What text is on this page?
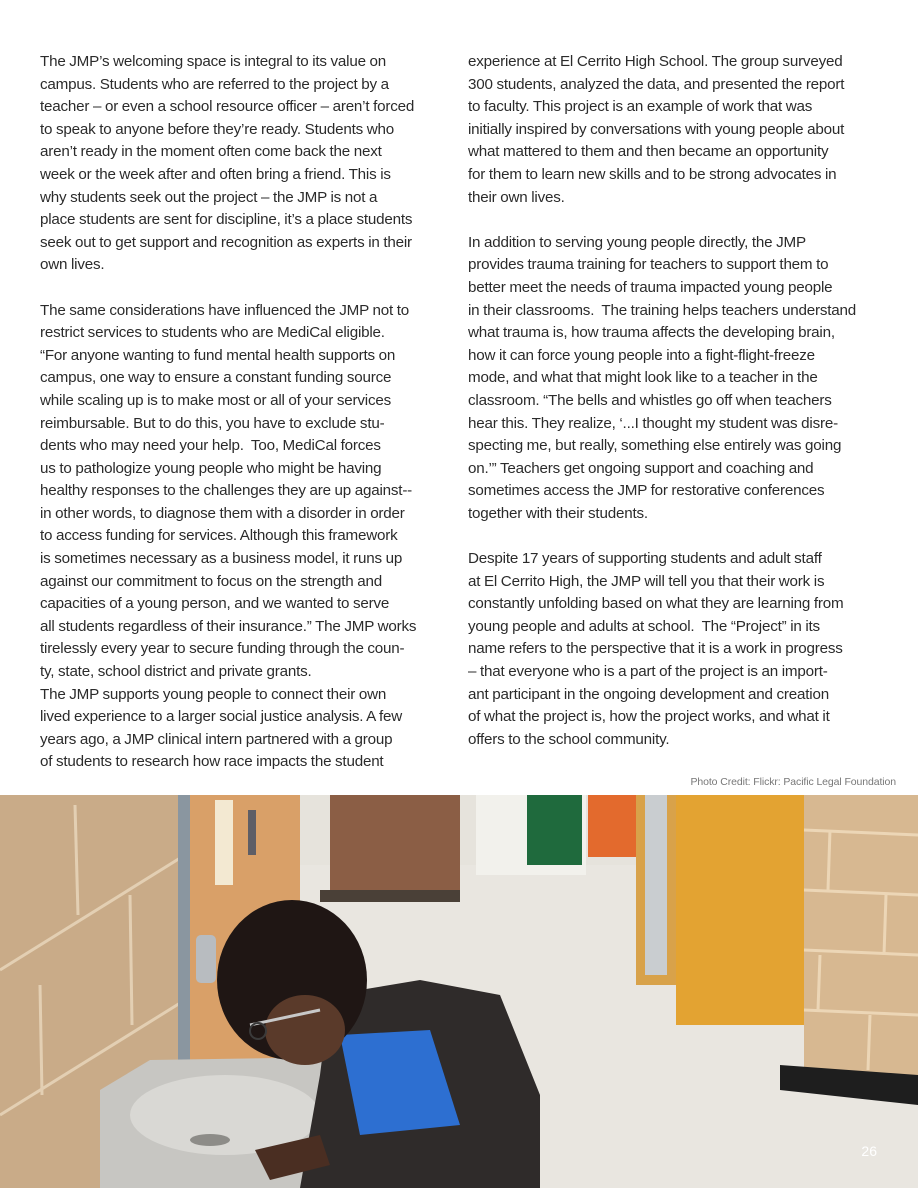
The JMP’s welcoming space is integral to its value on
campus. Students who are referred to the project by a
teacher – or even a school resource officer – aren’t forced
to speak to anyone before they’re ready. Students who
aren’t ready in the moment often come back the next
week or the week after and often bring a friend. This is
why students seek out the project – the JMP is not a
place students are sent for discipline, it’s a place students
seek out to get support and recognition as experts in their
own lives.

The same considerations have influenced the JMP not to
restrict services to students who are MediCal eligible.
“For anyone wanting to fund mental health supports on
campus, one way to ensure a constant funding source
while scaling up is to make most or all of your services
reimbursable. But to do this, you have to exclude stu-
dents who may need your help.  Too, MediCal forces
us to pathologize young people who might be having
healthy responses to the challenges they are up against--
in other words, to diagnose them with a disorder in order
to access funding for services. Although this framework
is sometimes necessary as a business model, it runs up
against our commitment to focus on the strength and
capacities of a young person, and we wanted to serve
all students regardless of their insurance.” The JMP works
tirelessly every year to secure funding through the coun-
ty, state, school district and private grants.

The JMP supports young people to connect their own
lived experience to a larger social justice analysis. A few
years ago, a JMP clinical intern partnered with a group
of students to research how race impacts the student

experience at El Cerrito High School. The group surveyed
300 students, analyzed the data, and presented the report
to faculty. This project is an example of work that was
initially inspired by conversations with young people about
what mattered to them and then became an opportunity
for them to learn new skills and to be strong advocates in
their own lives.

In addition to serving young people directly, the JMP
provides trauma training for teachers to support them to
better meet the needs of trauma impacted young people
in their classrooms.  The training helps teachers understand
what trauma is, how trauma affects the developing brain,
how it can force young people into a fight-flight-freeze
mode, and what that might look like to a teacher in the
classroom. “The bells and whistles go off when teachers
hear this. They realize, ‘...I thought my student was disre-
specting me, but really, something else entirely was going
on.’” Teachers get ongoing support and coaching and
sometimes access the JMP for restorative conferences
together with their students.

Despite 17 years of supporting students and adult staff
at El Cerrito High, the JMP will tell you that their work is
constantly unfolding based on what they are learning from
young people and adults at school.  The “Project” in its
name refers to the perspective that it is a work in progress
– that everyone who is a part of the project is an import-
ant participant in the ongoing development and creation
of what the project is, how the project works, and what it
offers to the school community.

Photo Credit: Flickr: Pacific Legal Foundation
26
